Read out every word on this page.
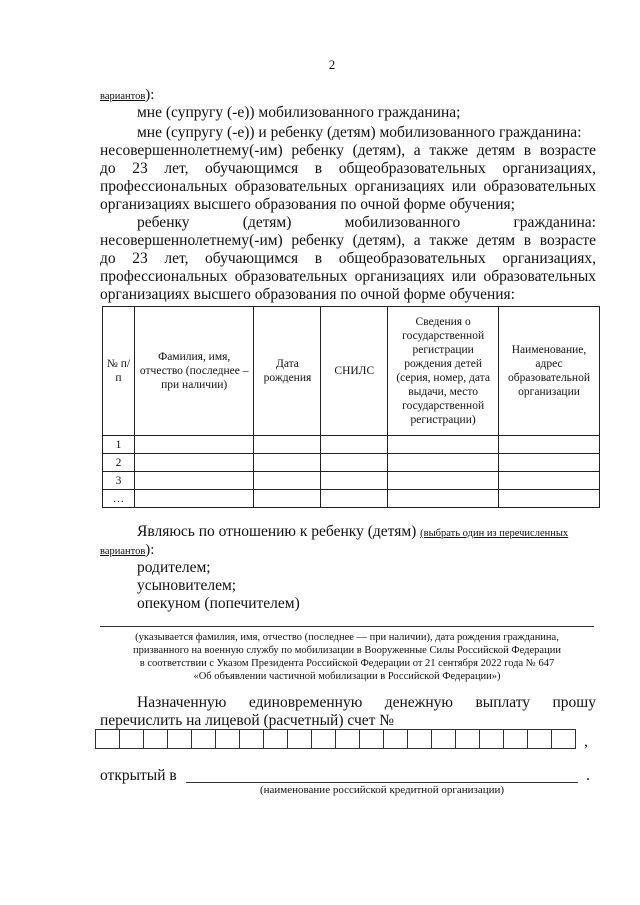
2
вариантов):
мне (супругу (-е)) мобилизованного гражданина;
мне (супругу (-е)) и ребенку (детям) мобилизованного гражданина:
несовершеннолетнему(-им) ребенку (детям), а также детям в возрасте
до 23 лет, обучающимся в общеобразовательных организациях,
профессиональных образовательных организациях или образовательных
организациях высшего образования по очной форме обучения;
ребенку (детям) мобилизованного гражданина:
несовершеннолетнему(-им) ребенку (детям), а также детям в возрасте
до 23 лет, обучающимся в общеобразовательных организациях,
профессиональных образовательных организациях или образовательных
организациях высшего образования по очной форме обучения:
№ п/п	Фамилия, имя, отчество (последнее – при наличии)	Дата рождения	СНИЛС	Сведения о государственной регистрации рождения детей (серия, номер, дата выдачи, место государственной регистрации)	Наименование, адрес образовательной организации
1					
2					
3					
…					
Являюсь по отношению к ребенку (детям) (выбрать один из перечисленных
вариантов):
родителем;
усыновителем;
опекуном (попечителем)
(указывается фамилия, имя, отчество (последнее — при наличии), дата рождения гражданина,
призванного на военную службу по мобилизации в Вооруженные Силы Российской Федерации
в соответствии с Указом Президента Российской Федерации от 21 сентября 2022 года № 647
«Об объявлении частичной мобилизации в Российской Федерации»)
Назначенную единовременную денежную выплату прошу
перечислить на лицевой (расчетный) счет №
,
открытый в	.
(наименование российской кредитной организации)
